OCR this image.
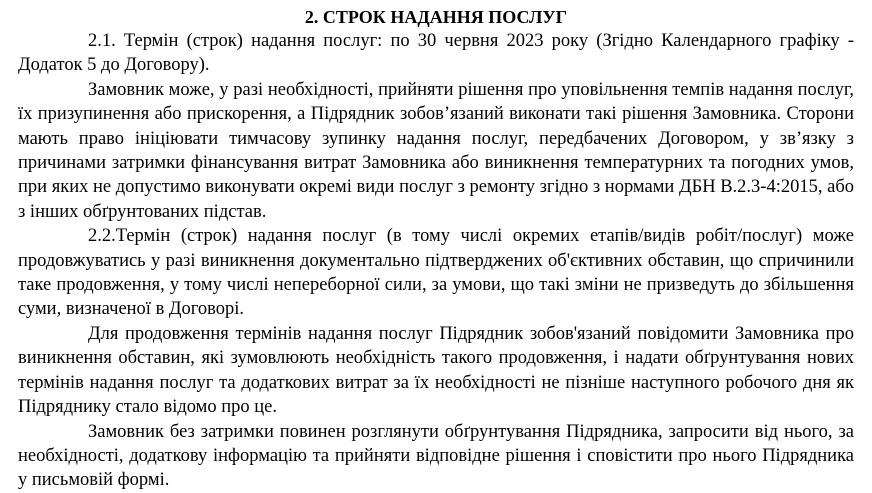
2. СТРОК НАДАННЯ ПОСЛУГ

2.1. Термін (строк) надання послуг: по 30 червня 2023 року (Згідно Календарного графіку - Додаток 5 до Договору).

Замовник може, у разі необхідності, прийняти рішення про уповільнення темпів надання послуг, їх призупинення або прискорення, а Підрядник зобов’язаний виконати такі рішення Замовника. Сторони мають право ініціювати тимчасову зупинку надання послуг, передбачених Договором, у зв’язку з причинами затримки фінансування витрат Замовника або виникнення температурних та погодних умов, при яких не допустимо виконувати окремі види послуг з ремонту згідно з нормами ДБН В.2.3-4:2015, або з інших обґрунтованих підстав.

2.2.Термін (строк) надання послуг (в тому числі окремих етапів/видів робіт/послуг) може продовжуватись у разі виникнення документально підтверджених об'єктивних обставин, що спричинили таке продовження, у тому числі непереборної сили, за умови, що такі зміни не призведуть до збільшення суми, визначеної в Договорі.

Для продовження термінів надання послуг Підрядник зобов'язаний повідомити Замовника про виникнення обставин, які зумовлюють необхідність такого продовження, і надати обґрунтування нових термінів надання послуг та додаткових витрат за їх необхідності не пізніше наступного робочого дня як Підряднику стало відомо про це.

Замовник без затримки повинен розглянути обґрунтування Підрядника, запросити від нього, за необхідності, додаткову інформацію та прийняти відповідне рішення і сповістити про нього Підрядника у письмовій формі.
